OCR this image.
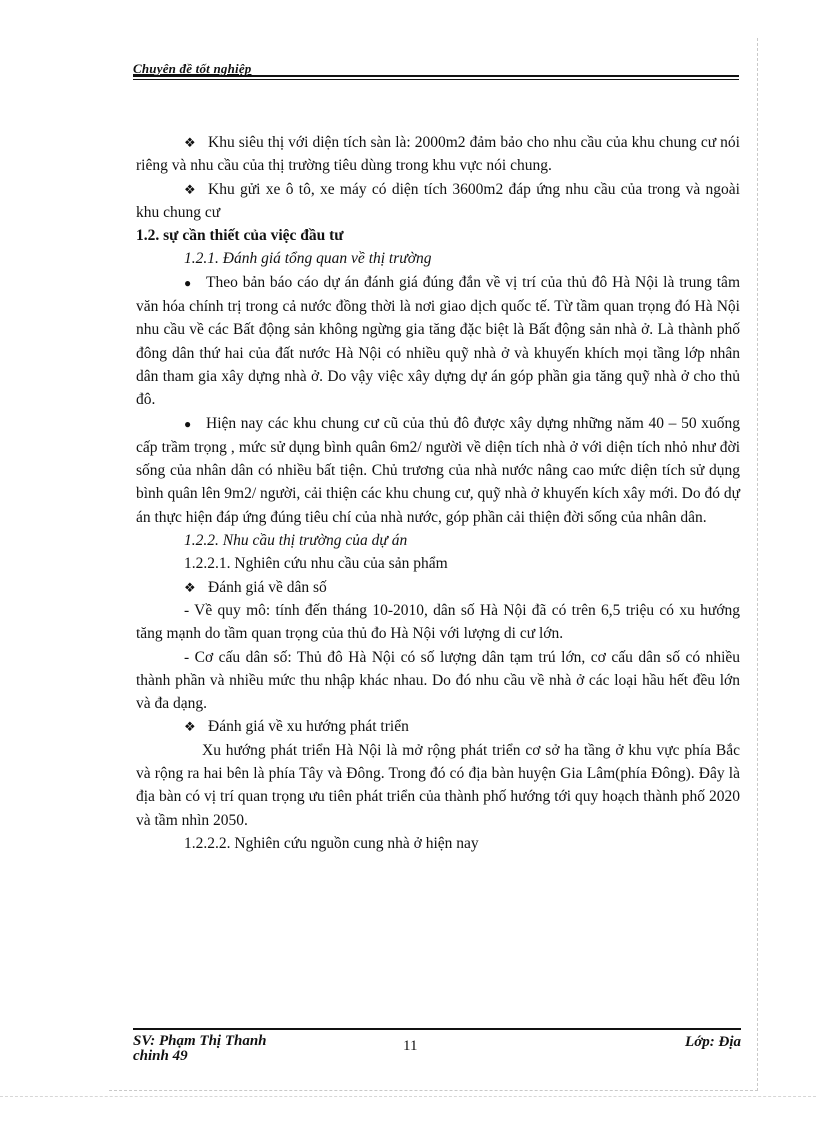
Chuyên đề tốt nghiệp

❖ Khu siêu thị với diện tích sàn là: 2000m2 đảm bảo cho nhu cầu của khu chung cư nói riêng và nhu cầu của thị trường tiêu dùng trong khu vực nói chung.

❖ Khu gửi xe ô tô, xe máy có diện tích 3600m2 đáp ứng nhu cầu của trong và ngoài khu chung cư

1.2. sự cần thiết của việc đầu tư

1.2.1. Đánh giá tổng quan về thị trường

● Theo bản báo cáo dự án đánh giá đúng đắn về vị trí của thủ đô Hà Nội là trung tâm văn hóa chính trị trong cả nước đồng thời là nơi giao dịch quốc tế. Từ tầm quan trọng đó Hà Nội nhu cầu về các Bất động sản không ngừng gia tăng đặc biệt là Bất động sản nhà ở. Là thành phố đông dân thứ hai của đất nước Hà Nội có nhiều quỹ nhà ở và khuyến khích mọi tầng lớp nhân dân tham gia xây dựng nhà ở. Do vậy việc xây dựng dự án góp phần gia tăng quỹ nhà ở cho thủ đô.

● Hiện nay các khu chung cư cũ của thủ đô được xây dựng những năm 40 – 50 xuống cấp trầm trọng , mức sử dụng bình quân 6m2/ người về diện tích nhà ở với diện tích nhỏ như đời sống của nhân dân có nhiều bất tiện. Chủ trương của nhà nước nâng cao mức diện tích sử dụng bình quân lên 9m2/ người, cải thiện các khu chung cư, quỹ nhà ở khuyến kích xây mới. Do đó dự án thực hiện đáp ứng đúng tiêu chí của nhà nước, góp phần cải thiện đời sống của nhân dân.

1.2.2. Nhu cầu thị trường của dự án

1.2.2.1. Nghiên cứu nhu cầu của sản phẩm

❖ Đánh giá về dân số

- Về quy mô: tính đến tháng 10-2010, dân số Hà Nội đã có trên 6,5 triệu có xu hướng tăng mạnh do tầm quan trọng của thủ đo Hà Nội với lượng di cư lớn.

- Cơ cấu dân số: Thủ đô Hà Nội có số lượng dân tạm trú lớn, cơ cấu dân số có nhiều thành phần và nhiều mức thu nhập khác nhau. Do đó nhu cầu về nhà ở các loại hầu hết đều lớn và đa dạng.

❖ Đánh giá về xu hướng phát triển

Xu hướng phát triển Hà Nội là mở rộng phát triển cơ sở ha tầng ở khu vực phía Bắc và rộng ra hai bên là phía Tây và Đông. Trong đó có địa bàn huyện Gia Lâm(phía Đông). Đây là địa bàn có vị trí quan trọng ưu tiên phát triển của thành phố hướng tới quy hoạch thành phố 2020 và tầm nhìn 2050.

1.2.2.2. Nghiên cứu nguồn cung nhà ở hiện nay

SV: Phạm Thị Thanh
chinh 49
11	Lớp: Địa
